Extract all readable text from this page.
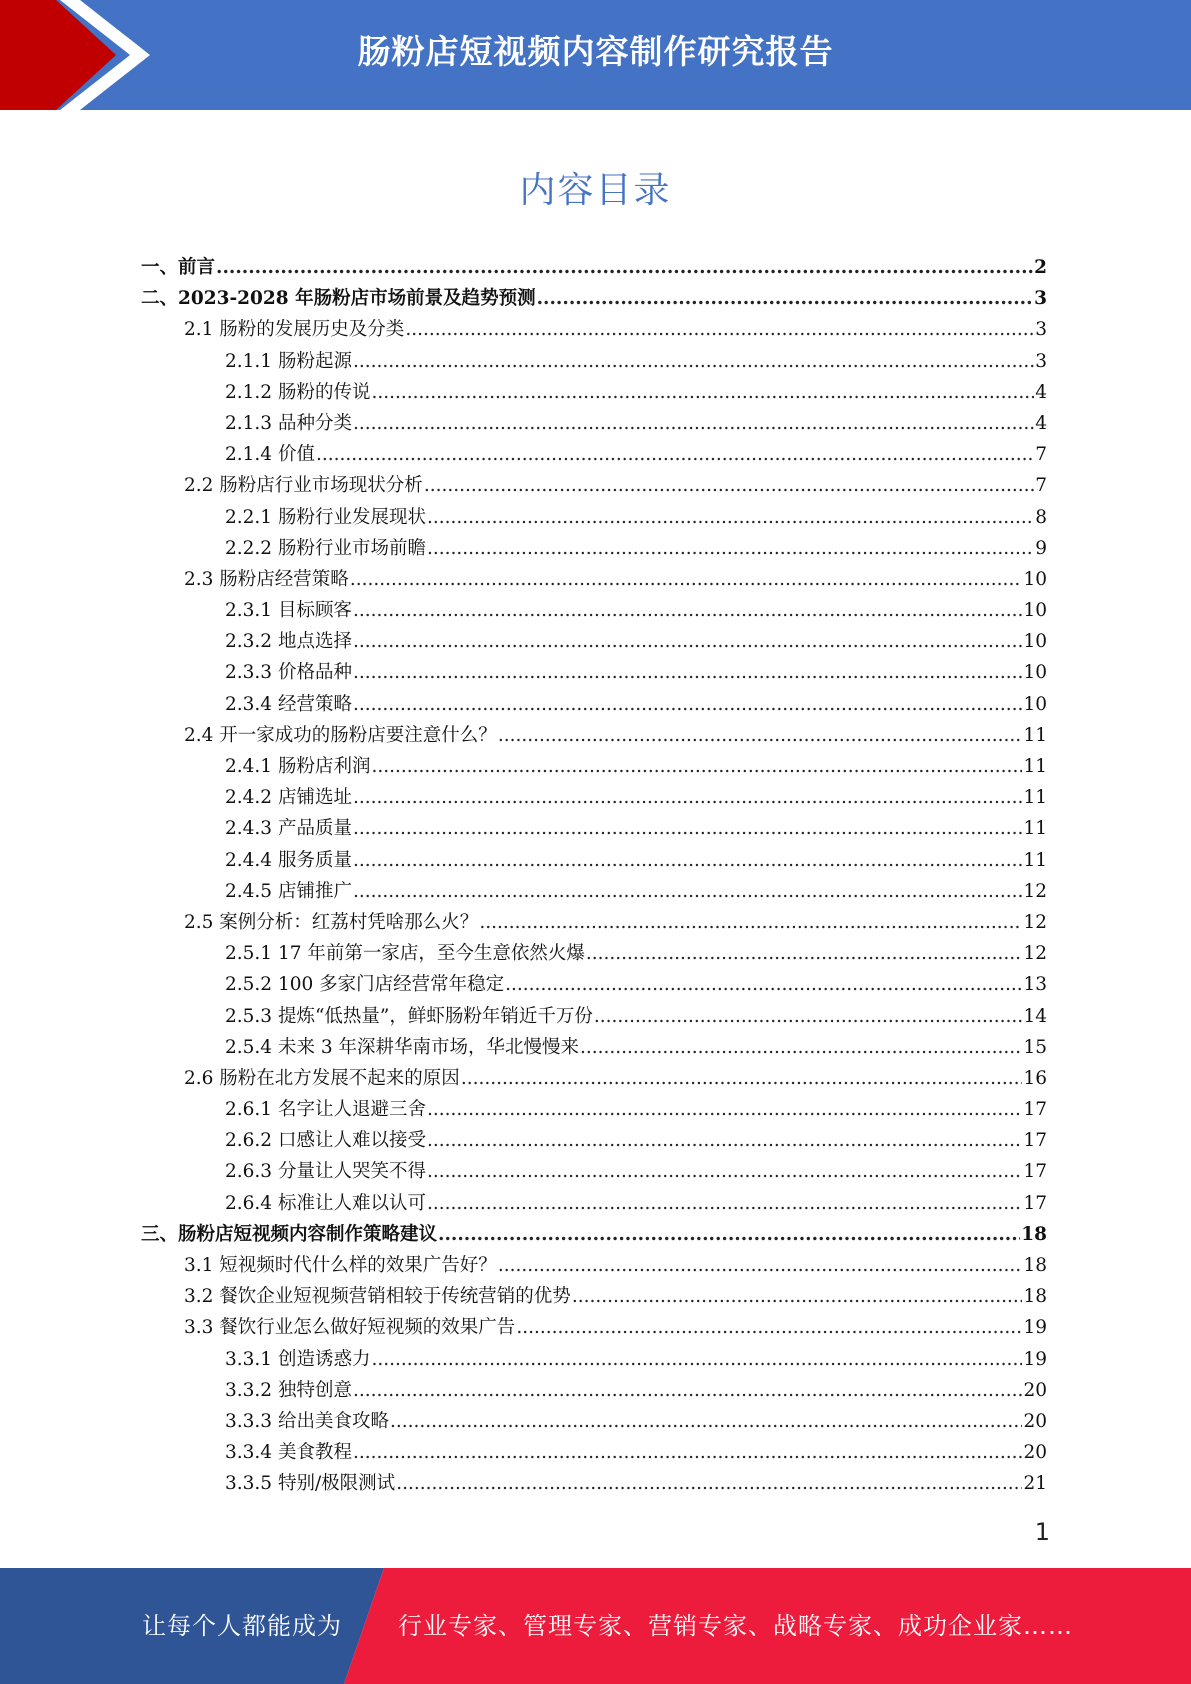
肠粉店短视频内容制作研究报告
内容目录
一、前言 .....	2
二、2023-2028 年肠粉店市场前景及趋势预测 .....	3
2.1 肠粉的发展历史及分类 .....	3
2.1.1 肠粉起源 .....	3
2.1.2 肠粉的传说 .....	4
2.1.3 品种分类 .....	4
2.1.4 价值 .....	7
2.2 肠粉店行业市场现状分析 .....	7
2.2.1 肠粉行业发展现状 .....	8
2.2.2 肠粉行业市场前瞻 .....	9
2.3 肠粉店经营策略 .....	10
2.3.1 目标顾客 .....	10
2.3.2 地点选择 .....	10
2.3.3 价格品种 .....	10
2.3.4 经营策略 .....	10
2.4 开一家成功的肠粉店要注意什么？ .....	11
2.4.1 肠粉店利润 .....	11
2.4.2 店铺选址 .....	11
2.4.3 产品质量 .....	11
2.4.4 服务质量 .....	11
2.4.5 店铺推广 .....	12
2.5 案例分析：红荔村凭啥那么火？ .....	12
2.5.1 17 年前第一家店，至今生意依然火爆 .....	12
2.5.2 100 多家门店经营常年稳定 .....	13
2.5.3 提炼“低热量”，鲜虾肠粉年销近千万份 .....	14
2.5.4 未来 3 年深耕华南市场，华北慢慢来 .....	15
2.6 肠粉在北方发展不起来的原因 .....	16
2.6.1 名字让人退避三舍 .....	17
2.6.2 口感让人难以接受 .....	17
2.6.3 分量让人哭笑不得 .....	17
2.6.4 标准让人难以认可 .....	17
三、肠粉店短视频内容制作策略建议 .....	18
3.1 短视频时代什么样的效果广告好？ .....	18
3.2 餐饮企业短视频营销相较于传统营销的优势 .....	18
3.3 餐饮行业怎么做好短视频的效果广告 .....	19
3.3.1 创造诱惑力 .....	19
3.3.2 独特创意 .....	20
3.3.3 给出美食攻略 .....	20
3.3.4 美食教程 .....	20
3.3.5 特别/极限测试 .....	21
1
让每个人都能成为 行业专家、管理专家、营销专家、战略专家、成功企业家……
